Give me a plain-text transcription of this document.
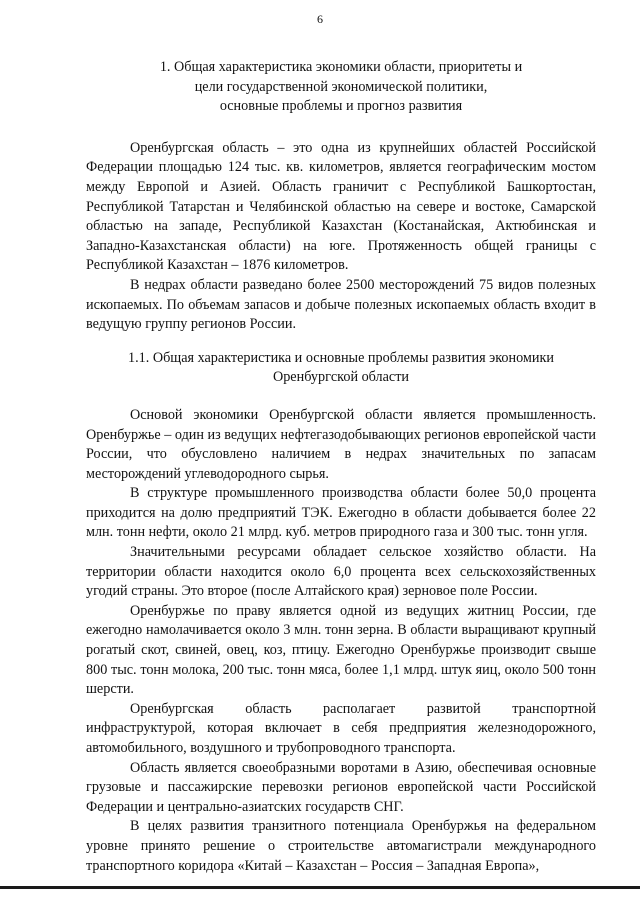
6
1. Общая характеристика экономики области, приоритеты и
цели государственной экономической политики,
основные проблемы и прогноз развития

Оренбургская область – это одна из крупнейших областей Российской Федерации площадью 124 тыс. кв. километров, является географическим мостом между Европой и Азией. Область граничит с Республикой Башкортостан, Республикой Татарстан и Челябинской областью на севере и востоке, Самарской областью на западе, Республикой Казахстан (Костанайская, Актюбинская и Западно-Казахстанская области) на юге. Протяженность общей границы с Республикой Казахстан – 1876 километров.

В недрах области разведано более 2500 месторождений 75 видов полезных ископаемых. По объемам запасов и добыче полезных ископаемых область входит в ведущую группу регионов России.

1.1. Общая характеристика и основные проблемы развития экономики
Оренбургской области

Основой экономики Оренбургской области является промышленность. Оренбуржье – один из ведущих нефтегазодобывающих регионов европейской части России, что обусловлено наличием в недрах значительных по запасам месторождений углеводородного сырья.

В структуре промышленного производства области более 50,0 процента приходится на долю предприятий ТЭК. Ежегодно в области добывается более 22 млн. тонн нефти, около 21 млрд. куб. метров природного газа и 300 тыс. тонн угля.

Значительными ресурсами обладает сельское хозяйство области. На территории области находится около 6,0 процента всех сельскохозяйственных угодий страны. Это второе (после Алтайского края) зерновое поле России.

Оренбуржье по праву является одной из ведущих житниц России, где ежегодно намолачивается около 3 млн. тонн зерна. В области выращивают крупный рогатый скот, свиней, овец, коз, птицу. Ежегодно Оренбуржье производит свыше 800 тыс. тонн молока, 200 тыс. тонн мяса, более 1,1 млрд. штук яиц, около 500 тонн шерсти.

Оренбургская область располагает развитой транспортной инфраструктурой, которая включает в себя предприятия железнодорожного, автомобильного, воздушного и трубопроводного транспорта.

Область является своеобразными воротами в Азию, обеспечивая основные грузовые и пассажирские перевозки регионов европейской части Российской Федерации и центрально-азиатских государств СНГ.

В целях развития транзитного потенциала Оренбуржья на федеральном уровне принято решение о строительстве автомагистрали международного транспортного коридора «Китай – Казахстан – Россия – Западная Европа»,
